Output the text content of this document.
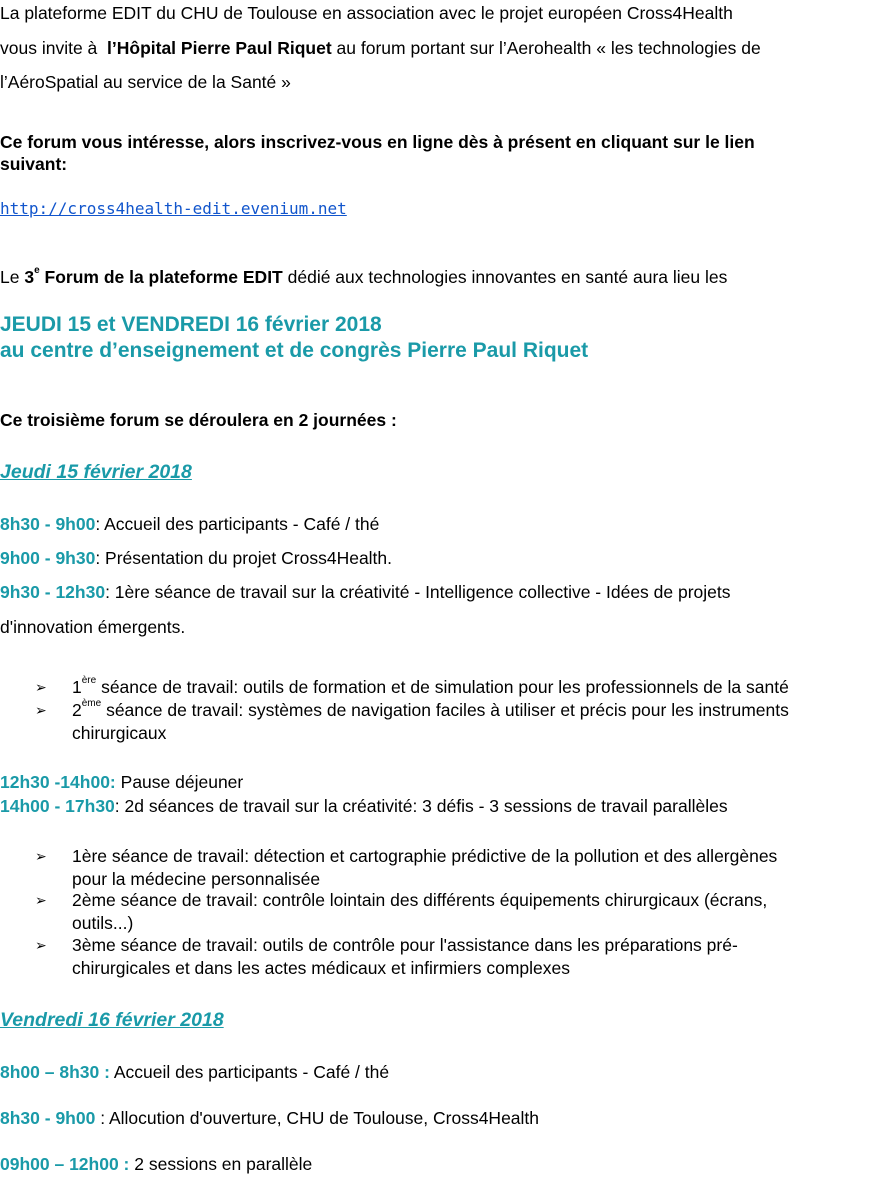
La plateforme EDIT du CHU de Toulouse en association avec le projet européen Cross4Health
vous invite à l’Hôpital Pierre Paul Riquet au forum portant sur l’Aerohealth « les technologies de
l’AéroSpatial au service de la Santé »
Ce forum vous intéresse, alors inscrivez-vous en ligne dès à présent en cliquant sur le lien
suivant:
http://cross4health-edit.evenium.net
Le 3e Forum de la plateforme EDIT dédié aux technologies innovantes en santé aura lieu les
JEUDI 15 et VENDREDI 16 février 2018
au centre d’enseignement et de congrès Pierre Paul Riquet
Ce troisième forum se déroulera en 2 journées :
Jeudi 15 février 2018
8h30 - 9h00: Accueil des participants - Café / thé
9h00 - 9h30: Présentation du projet Cross4Health.
9h30 - 12h30: 1ère séance de travail sur la créativité - Intelligence collective - Idées de projets
d'innovation émergents.
➢ 1ère séance de travail: outils de formation et de simulation pour les professionnels de la santé
➢ 2ème séance de travail: systèmes de navigation faciles à utiliser et précis pour les instruments
chirurgicaux
12h30 -14h00: Pause déjeuner
14h00 - 17h30: 2d séances de travail sur la créativité: 3 défis - 3 sessions de travail parallèles
➢ 1ère séance de travail: détection et cartographie prédictive de la pollution et des allergènes
pour la médecine personnalisée
➢ 2ème séance de travail: contrôle lointain des différents équipements chirurgicaux (écrans,
outils...)
➢ 3ème séance de travail: outils de contrôle pour l'assistance dans les préparations pré-
chirurgicales et dans les actes médicaux et infirmiers complexes
Vendredi 16 février 2018
8h00 – 8h30 : Accueil des participants - Café / thé
8h30 - 9h00 : Allocution d'ouverture, CHU de Toulouse, Cross4Health
09h00 – 12h00 : 2 sessions en parallèle
